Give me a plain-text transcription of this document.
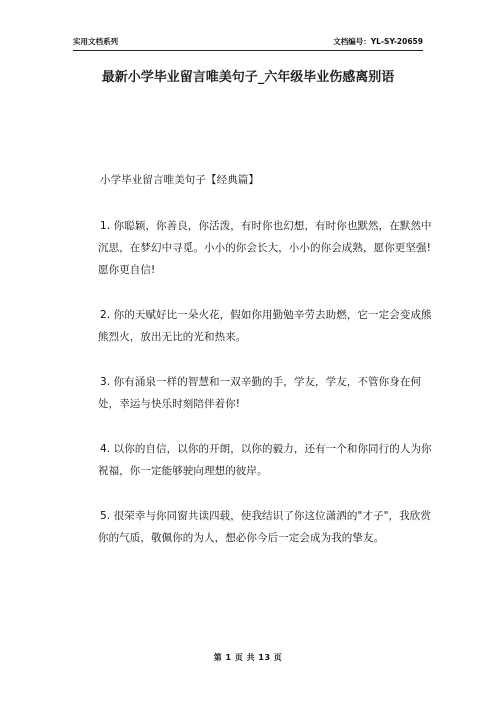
实用文档系列	文档编号：YL-SY-20659
最新小学毕业留言唯美句子_六年级毕业伤感离别语

小学毕业留言唯美句子【经典篇】

1. 你聪颖，你善良，你活泼，有时你也幻想，有时你也默然，在默然中沉思，在梦幻中寻觅。小小的你会长大，小小的你会成熟，愿你更坚强!愿你更自信!

2. 你的天赋好比一朵火花，假如你用勤勉辛劳去助燃，它一定会变成熊熊烈火，放出无比的光和热来。

3. 你有涌泉一样的智慧和一双辛勤的手，学友，学友，不管你身在何处，幸运与快乐时刻陪伴着你!

4. 以你的自信，以你的开朗，以你的毅力，还有一个和你同行的人为你祝福，你一定能够驶向理想的彼岸。

5. 很荣幸与你同窗共读四载，使我结识了你这位潇洒的"才子"，我欣赏你的气质，敬佩你的为人，想必你今后一定会成为我的挚友。

第 1 页 共 13 页
